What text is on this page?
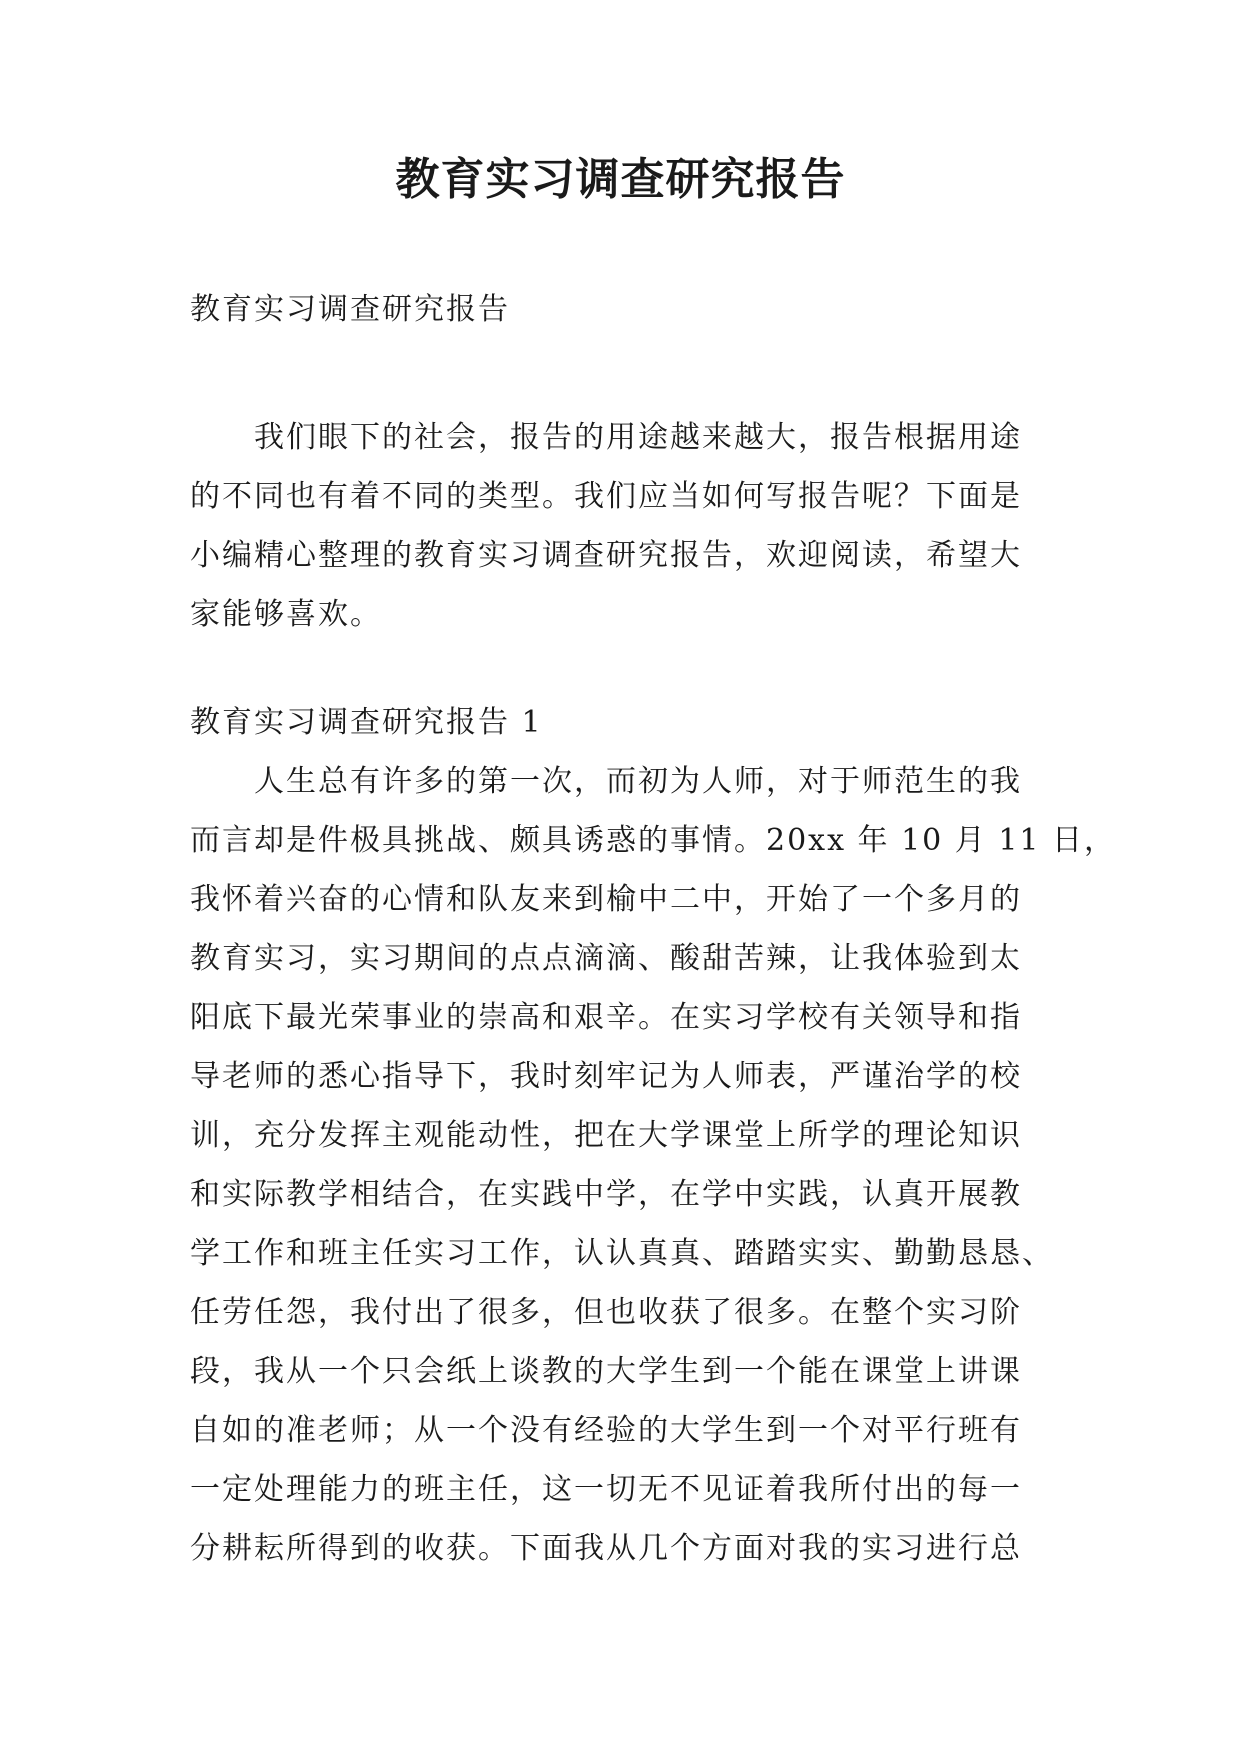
教育实习调查研究报告
教育实习调查研究报告
我们眼下的社会，报告的用途越来越大，报告根据用途
的不同也有着不同的类型。我们应当如何写报告呢？下面是
小编精心整理的教育实习调查研究报告，欢迎阅读，希望大
家能够喜欢。
教育实习调查研究报告 1
人生总有许多的第一次，而初为人师，对于师范生的我
而言却是件极具挑战、颇具诱惑的事情。20xx 年 10 月 11 日，
我怀着兴奋的心情和队友来到榆中二中，开始了一个多月的
教育实习，实习期间的点点滴滴、酸甜苦辣，让我体验到太
阳底下最光荣事业的崇高和艰辛。在实习学校有关领导和指
导老师的悉心指导下，我时刻牢记为人师表，严谨治学的校
训，充分发挥主观能动性，把在大学课堂上所学的理论知识
和实际教学相结合，在实践中学，在学中实践，认真开展教
学工作和班主任实习工作，认认真真、踏踏实实、勤勤恳恳、
任劳任怨，我付出了很多，但也收获了很多。在整个实习阶
段，我从一个只会纸上谈教的大学生到一个能在课堂上讲课
自如的准老师；从一个没有经验的大学生到一个对平行班有
一定处理能力的班主任，这一切无不见证着我所付出的每一
分耕耘所得到的收获。下面我从几个方面对我的实习进行总
